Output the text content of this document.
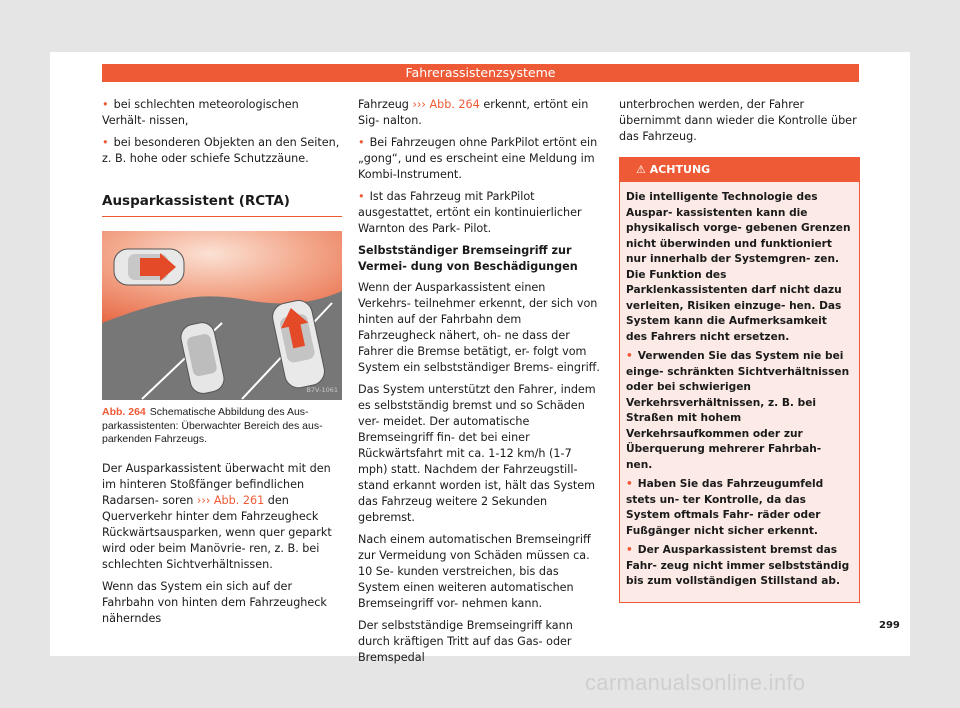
Fahrerassistenzsysteme

• bei schlechten meteorologischen Verhält- nissen,

• bei besonderen Objekten an den Seiten, z. B. hohe oder schiefe Schutzzäune.

Ausparkassistent (RCTA)
B7V-1061
Abb. 264 Schematische Abbildung des Aus- parkassistenten: Überwachter Bereich des aus- parkenden Fahrzeugs.

Der Ausparkassistent überwacht mit den im hinteren Stoßfänger befindlichen Radarsen- soren ››› Abb. 261 den Querverkehr hinter dem Fahrzeugheck Rückwärtsausparken, wenn quer geparkt wird oder beim Manövrie- ren, z. B. bei schlechten Sichtverhältnissen.

Wenn das System ein sich auf der Fahrbahn von hinten dem Fahrzeugheck näherndes

Fahrzeug ››› Abb. 264 erkennt, ertönt ein Sig- nalton.

• Bei Fahrzeugen ohne ParkPilot ertönt ein „gong“, und es erscheint eine Meldung im Kombi-Instrument.

• Ist das Fahrzeug mit ParkPilot ausgestattet, ertönt ein kontinuierlicher Warnton des Park- Pilot.

Selbstständiger Bremseingriff zur Vermei- dung von Beschädigungen

Wenn der Ausparkassistent einen Verkehrs- teilnehmer erkennt, der sich von hinten auf der Fahrbahn dem Fahrzeugheck nähert, oh- ne dass der Fahrer die Bremse betätigt, er- folgt vom System ein selbstständiger Brems- eingriff.

Das System unterstützt den Fahrer, indem es selbstständig bremst und so Schäden ver- meidet. Der automatische Bremseingriff fin- det bei einer Rückwärtsfahrt mit ca. 1-12 km/h (1-7 mph) statt. Nachdem der Fahrzeugstill- stand erkannt worden ist, hält das System das Fahrzeug weitere 2 Sekunden gebremst.

Nach einem automatischen Bremseingriff zur Vermeidung von Schäden müssen ca. 10 Se- kunden verstreichen, bis das System einen weiteren automatischen Bremseingriff vor- nehmen kann.

Der selbstständige Bremseingriff kann durch kräftigen Tritt auf das Gas- oder Bremspedal

unterbrochen werden, der Fahrer übernimmt dann wieder die Kontrolle über das Fahrzeug.

⚠ ACHTUNG

Die intelligente Technologie des Auspar- kassistenten kann die physikalisch vorge- gebenen Grenzen nicht überwinden und funktioniert nur innerhalb der Systemgren- zen. Die Funktion des Parklenkassistenten darf nicht dazu verleiten, Risiken einzuge- hen. Das System kann die Aufmerksamkeit des Fahrers nicht ersetzen.

• Verwenden Sie das System nie bei einge- schränkten Sichtverhältnissen oder bei schwierigen Verkehrsverhältnissen, z. B. bei Straßen mit hohem Verkehrsaufkommen oder zur Überquerung mehrerer Fahrbah- nen.

• Haben Sie das Fahrzeugumfeld stets un- ter Kontrolle, da das System oftmals Fahr- räder oder Fußgänger nicht sicher erkennt.

• Der Ausparkassistent bremst das Fahr- zeug nicht immer selbstständig bis zum vollständigen Stillstand ab.

299
carmanualsonline.info
